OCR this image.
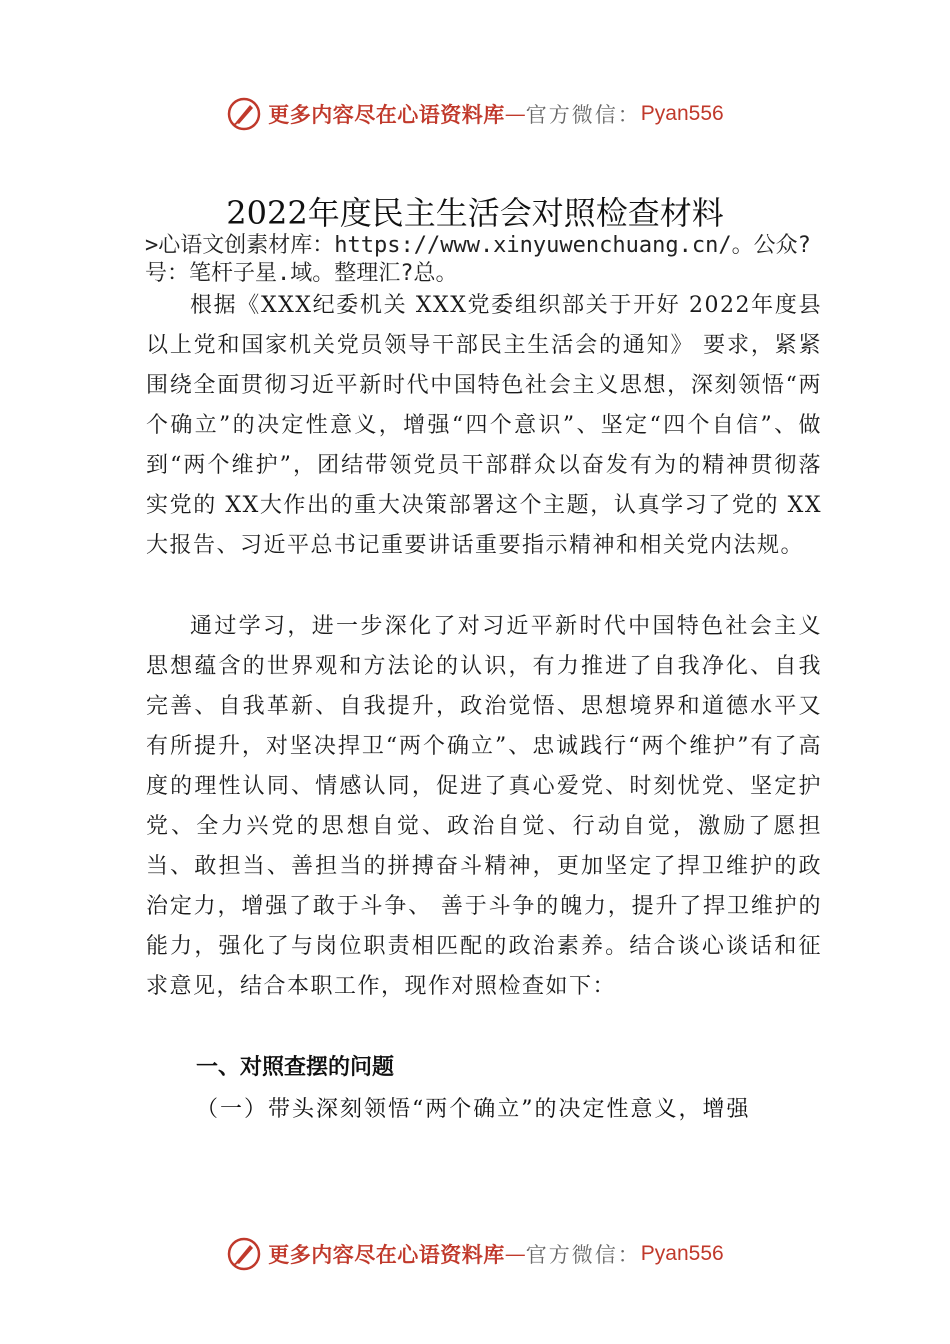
更多内容尽在心语资料库 — 官方微信： Pyan556
2022年度民主生活会对照检查材料
>心语文创素材库：https://www.xinyuwenchuang.cn/。公众?号：笔杆子星.域。整理汇?总。

根据《XXX纪委机关 XXX党委组织部关于开好 2022年度县以上党和国家机关党员领导干部民主生活会的通知》 要求，紧紧围绕全面贯彻习近平新时代中国特色社会主义思想，深刻领悟“两个确立”的决定性意义，增强“四个意识”、坚定“四个自信”、做到“两个维护”，团结带领党员干部群众以奋发有为的精神贯彻落实党的 XX大作出的重大决策部署这个主题，认真学习了党的 XX大报告、习近平总书记重要讲话重要指示精神和相关党内法规。

通过学习，进一步深化了对习近平新时代中国特色社会主义思想蕴含的世界观和方法论的认识，有力推进了自我净化、自我完善、自我革新、自我提升，政治觉悟、思想境界和道德水平又有所提升，对坚决捍卫“两个确立”、忠诚践行“两个维护”有了高度的理性认同、情感认同，促进了真心爱党、时刻忧党、坚定护党、全力兴党的思想自觉、政治自觉、行动自觉，激励了愿担当、敢担当、善担当的拼搏奋斗精神，更加坚定了捍卫维护的政治定力，增强了敢于斗争、 善于斗争的魄力，提升了捍卫维护的能力，强化了与岗位职责相匹配的政治素养。结合谈心谈话和征求意见，结合本职工作，现作对照检查如下：

一、对照查摆的问题
（一）带头深刻领悟“两个确立”的决定性意义，增强
更多内容尽在心语资料库 — 官方微信： Pyan556
